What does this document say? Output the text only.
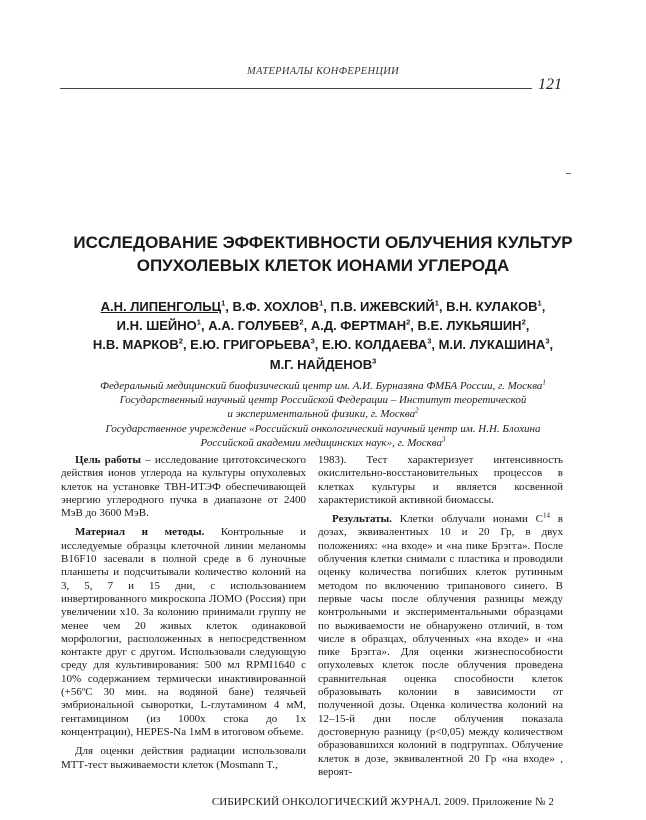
МАТЕРИАЛЫ КОНФЕРЕНЦИИ
121
ИССЛЕДОВАНИЕ ЭФФЕКТИВНОСТИ ОБЛУЧЕНИЯ КУЛЬТУР
ОПУХОЛЕВЫХ КЛЕТОК ИОНАМИ УГЛЕРОДА
А.Н. ЛИПЕНГОЛЬЦ$^1$, В.Ф. ХОХЛОВ$^1$, П.В. ИЖЕВСКИЙ$^1$, В.Н. КУЛАКОВ$^1$,
И.Н. ШЕЙНО$^1$, А.А. ГОЛУБЕВ$^2$, А.Д. ФЕРТМАН$^2$, В.Е. ЛУКЬЯШИН$^2$,
Н.В. МАРКОВ$^2$, Е.Ю. ГРИГОРЬЕВА$^3$, Е.Ю. КОЛДАЕВА$^3$, М.И. ЛУКАШИНА$^3$,
М.Г. НАЙДЕНОВ$^3$
Федеральный медицинский биофизический центр им. А.И. Бурназяна ФМБА России, г. Москва$^1$
Государственный научный центр Российской Федерации – Институт теоретической
и экспериментальной физики, г. Москва$^2$
Государственное учреждение «Российский онкологический научный центр им. Н.Н. Блохина
Российской академии медицинских наук», г. Москва$^3$

Цель работы – исследование цитотоксического действия ионов углерода на культуры опухолевых клеток на установке ТВН-ИТЭФ обеспечивающей энергию углеродного пучка в диапазоне от 2400 МэВ до 3600 МэВ.

Материал и методы. Контрольные и исследуемые образцы клеточной линии меланомы B16F10 засевали в полной среде в 6 луночные планшеты и подсчитывали количество колоний на 3, 5, 7 и 15 дни, с использованием инвертированного микроскопа ЛОМО (Россия) при увеличении х10. За колонию принимали группу не менее чем 20 живых клеток одинаковой морфологии, расположенных в непосредственном контакте друг с другом. Использовали следующую среду для культивирования: 500 мл RPMI1640 с 10% содержанием термически инактивированной (+56ºC 30 мин. на водяной бане) телячьей эмбриональной сыворотки, L-глутамином 4 мМ, гентамицином (из 1000х стока до 1х концентрации), HEPES-Na 1мМ в итоговом объеме.

Для оценки действия радиации использовали МТТ-тест выживаемости клеток (Mosmann T.,

1983). Тест характеризует интенсивность окислительно-восстановительных процессов в клетках культуры и является косвенной характеристикой активной биомассы.

Результаты. Клетки облучали ионами $C^{14}$ в дозах, эквивалентных 10 и 20 Гр, в двух положениях: «на входе» и «на пике Брэгга». После облучения клетки снимали с пластика и проводили оценку количества погибших клеток рутинным методом по включению трипанового синего. В первые часы после облучения разницы между контрольными и экспериментальными образцами по выживаемости не обнаружено отличий, в том числе в образцах, облученных «на входе» и «на пике Брэгга». Для оценки жизнеспособности опухолевых клеток после облучения проведена сравнительная оценка способности клеток образовывать колонии в зависимости от полученной дозы. Оценка количества колоний на 12–15-й дни после облучения показала достоверную разницу (p<0,05) между количеством образовавшихся колоний в подгруппах. Облучение клеток в дозе, эквивалентной 20 Гр «на входе» , вероят-

СИБИРСКИЙ ОНКОЛОГИЧЕСКИЙ ЖУРНАЛ. 2009. Приложение № 2
